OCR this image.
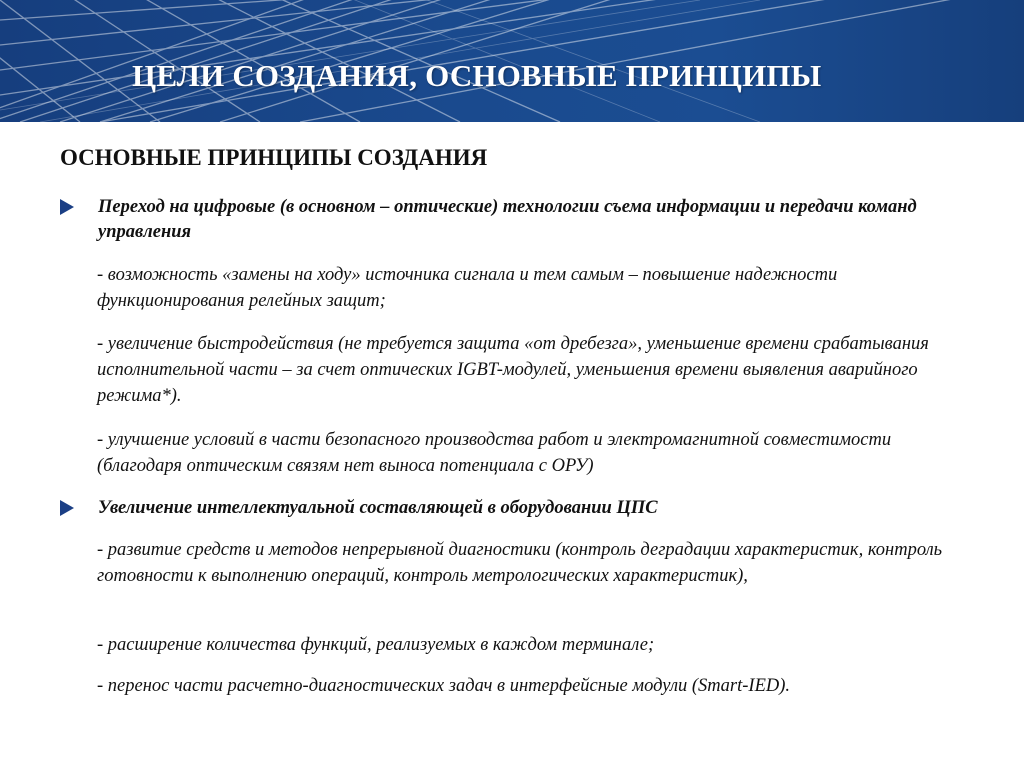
ЦЕЛИ СОЗДАНИЯ, ОСНОВНЫЕ ПРИНЦИПЫ
ОСНОВНЫЕ ПРИНЦИПЫ СОЗДАНИЯ
Переход на цифровые (в основном – оптические) технологии съема информации и передачи команд управления

- возможность «замены на ходу» источника сигнала и тем самым – повышение надежности функционирования релейных защит;

- увеличение быстродействия (не требуется защита «от дребезга», уменьшение времени срабатывания исполнительной части – за счет оптических IGBT-модулей, уменьшения времени выявления аварийного режима*).

- улучшение условий в части безопасного производства работ и электромагнитной совместимости (благодаря оптическим связям нет выноса потенциала с ОРУ)

Увеличение интеллектуальной составляющей в оборудовании ЦПС

- развитие средств и методов непрерывной диагностики (контроль деградации характеристик, контроль готовности к выполнению операций, контроль метрологических характеристик),

- расширение количества функций, реализуемых в каждом терминале;

- перенос части расчетно-диагностических задач в интерфейсные модули (Smart-IED).
